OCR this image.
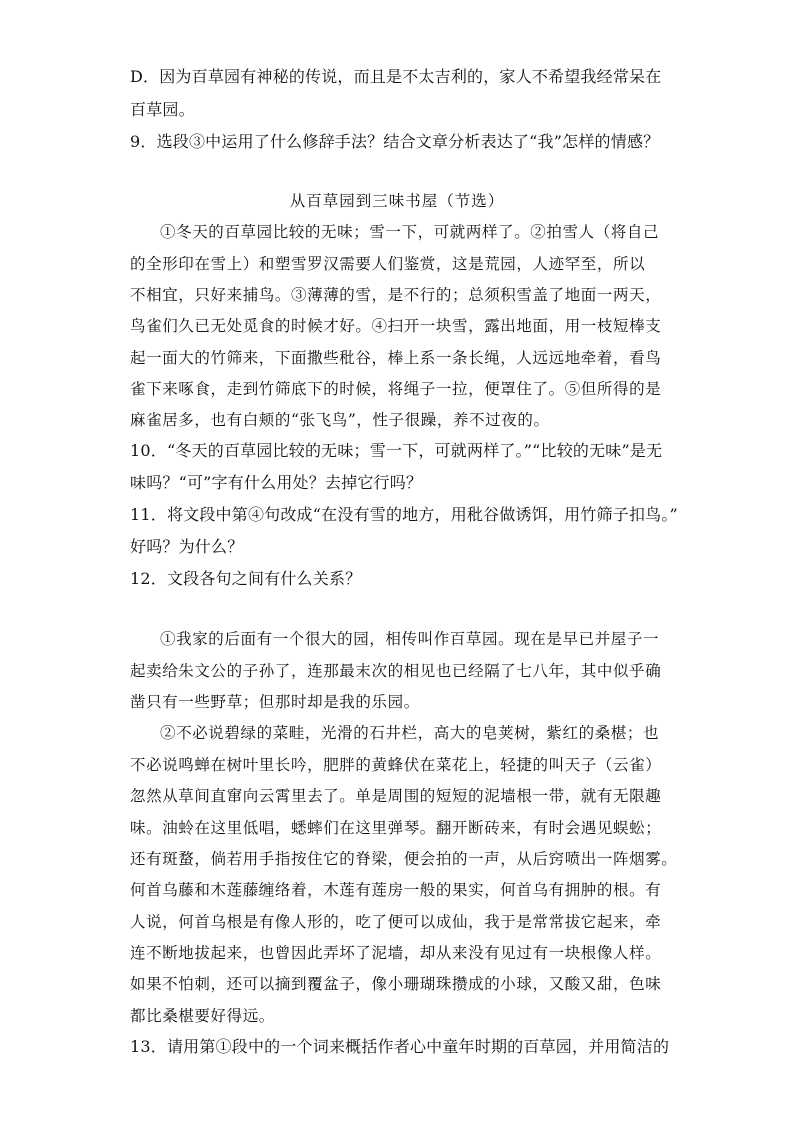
D．因为百草园有神秘的传说，而且是不太吉利的，家人不希望我经常呆在
百草园。
9．选段③中运用了什么修辞手法？结合文章分析表达了“我”怎样的情感？
从百草园到三味书屋（节选）
①冬天的百草园比较的无味；雪一下，可就两样了。②拍雪人（将自己
的全形印在雪上）和塑雪罗汉需要人们鉴赏，这是荒园，人迹罕至，所以
不相宜，只好来捕鸟。③薄薄的雪，是不行的；总须积雪盖了地面一两天，
鸟雀们久已无处觅食的时候才好。④扫开一块雪，露出地面，用一枝短棒支
起一面大的竹筛来，下面撒些秕谷，棒上系一条长绳，人远远地牵着，看鸟
雀下来啄食，走到竹筛底下的时候，将绳子一拉，便罩住了。⑤但所得的是
麻雀居多，也有白颊的“张飞鸟”，性子很躁，养不过夜的。
10．“冬天的百草园比较的无味；雪一下，可就两样了。”“比较的无味”是无
味吗？“可”字有什么用处？去掉它行吗？
11．将文段中第④句改成“在没有雪的地方，用秕谷做诱饵，用竹筛子扣鸟。”
好吗？为什么？
12．文段各句之间有什么关系？
①我家的后面有一个很大的园，相传叫作百草园。现在是早已并屋子一
起卖给朱文公的子孙了，连那最末次的相见也已经隔了七八年，其中似乎确
凿只有一些野草；但那时却是我的乐园。
②不必说碧绿的菜畦，光滑的石井栏，高大的皂荚树，紫红的桑椹；也
不必说鸣蝉在树叶里长吟，肥胖的黄蜂伏在菜花上，轻捷的叫天子（云雀）
忽然从草间直窜向云霄里去了。单是周围的短短的泥墙根一带，就有无限趣
味。油蛉在这里低唱，蟋蟀们在这里弹琴。翻开断砖来，有时会遇见蜈蚣；
还有斑蝥，倘若用手指按住它的脊梁，便会拍的一声，从后窍喷出一阵烟雾。
何首乌藤和木莲藤缠络着，木莲有莲房一般的果实，何首乌有拥肿的根。有
人说，何首乌根是有像人形的，吃了便可以成仙，我于是常常拔它起来，牵
连不断地拔起来，也曾因此弄坏了泥墙，却从来没有见过有一块根像人样。
如果不怕刺，还可以摘到覆盆子，像小珊瑚珠攒成的小球，又酸又甜，色味
都比桑椹要好得远。
13．请用第①段中的一个词来概括作者心中童年时期的百草园，并用简洁的
